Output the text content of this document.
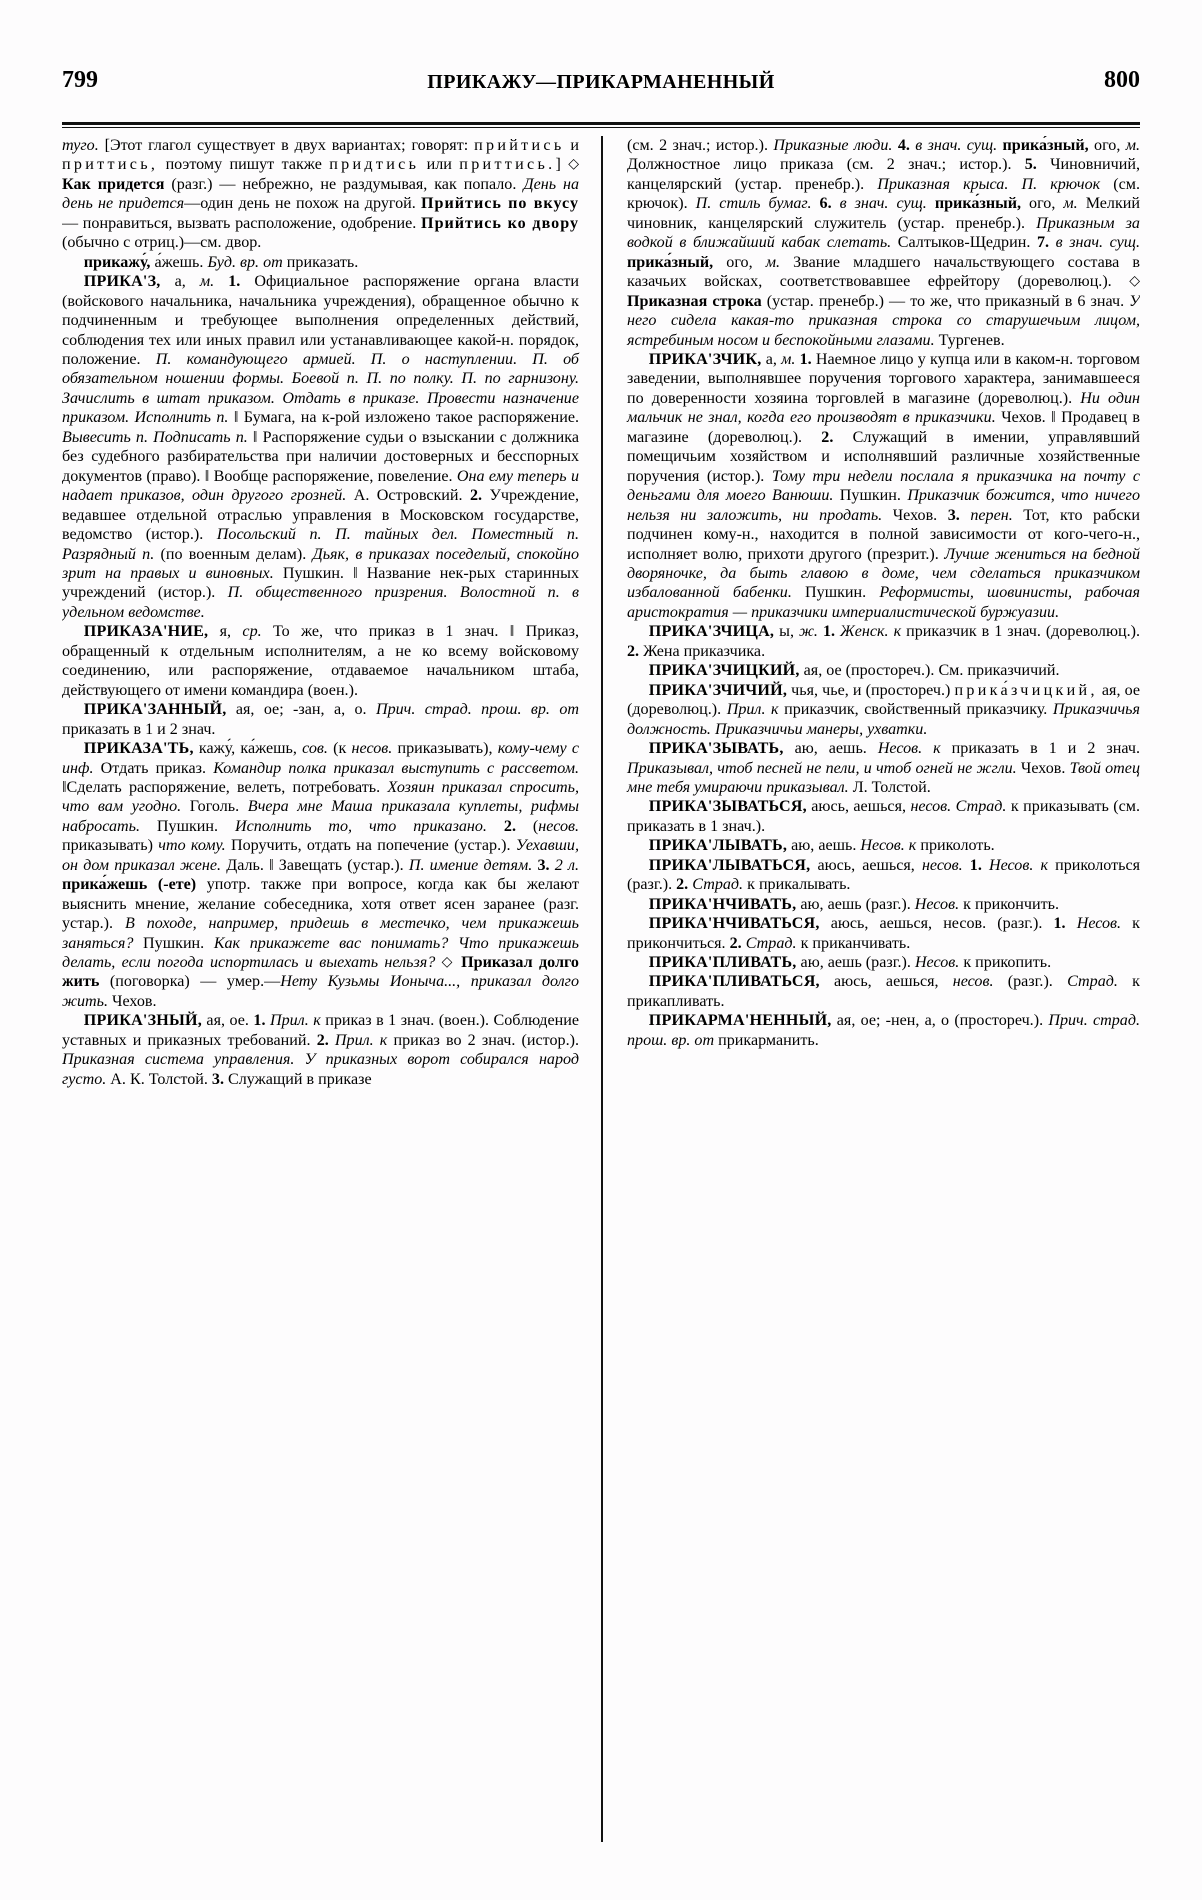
799	ПРИКАЖУ—ПРИКАРМАНЕННЫЙ	800

туго. [Этот глагол существует в двух вариантах; говорят: прийтись и приттись, поэтому пишут также придтись или приттись.] ◇ Как придется (разг.) — небрежно, не раздумывая, как попало. День на день не придется—один день не похож на другой. Прийтись по вкусу — понравиться, вызвать расположение, одобрение. Прийтись ко двору (обычно с отриц.)—см. двор.

прикажу́, а́жешь. Буд. вр. от приказать.

ПРИКА'З, а, м. 1. Официальное распоряжение органа власти (войскового начальника, начальника учреждения), обращенное обычно к подчиненным и требующее выполнения определенных действий, соблюдения тех или иных правил или устанавливающее какой-н. порядок, положение. П. командующего армией. П. о наступлении. П. об обязательном ношении формы. Боевой п. П. по полку. П. по гарнизону. Зачислить в штат приказом. Отдать в приказе. Провести назначение приказом. Исполнить п. ‖ Бумага, на к-рой изложено такое распоряжение. Вывесить п. Подписать п. ‖ Распоряжение судьи о взыскании с должника без судебного разбирательства при наличии достоверных и бесспорных документов (право). ‖ Вообще распоряжение, повеление. Она ему теперь и надает приказов, один другого грозней. А. Островский. 2. Учреждение, ведавшее отдельной отраслью управления в Московском государстве, ведомство (истор.). Посольский п. П. тайных дел. Поместный п. Разрядный п. (по военным делам). Дьяк, в приказах поседелый, спокойно зрит на правых и виновных. Пушкин. ‖ Название нек-рых старинных учреждений (истор.). П. общественного призрения. Волостной п. в удельном ведомстве.

ПРИКАЗА'НИЕ, я, ср. То же, что приказ в 1 знач. ‖ Приказ, обращенный к отдельным исполнителям, а не ко всему войсковому соединению, или распоряжение, отдаваемое начальником штаба, действующего от имени командира (воен.).

ПРИКА'ЗАННЫЙ, ая, ое; -зан, а, о. Прич. страд. прош. вр. от приказать в 1 и 2 знач.

ПРИКАЗА'ТЬ, кажу́, ка́жешь, сов. (к несов. приказывать), кому-чему с инф. Отдать приказ. Командир полка приказал выступить с рассветом. ‖Сделать распоряжение, велеть, потребовать. Хозяин приказал спросить, что вам угодно. Гоголь. Вчера мне Маша приказала куплеты, рифмы набросать. Пушкин. Исполнить то, что приказано. 2. (несов. приказывать) что кому. Поручить, отдать на попечение (устар.). Уехавши, он дом приказал жене. Даль. ‖ Завещать (устар.). П. имение детям. 3. 2 л. прика́жешь (-ете) употр. также при вопросе, когда как бы желают выяснить мнение, желание собеседника, хотя ответ ясен заранее (разг. устар.). В походе, например, придешь в местечко, чем прикажешь заняться? Пушкин. Как прикажете вас понимать? Что прикажешь делать, если погода испортилась и выехать нельзя? ◇ Приказал долго жить (поговорка) — умер.—Нету Кузьмы Ионыча..., приказал долго жить. Чехов.

ПРИКА'ЗНЫЙ, ая, ое. 1. Прил. к приказ в 1 знач. (воен.). Соблюдение уставных и приказных требований. 2. Прил. к приказ во 2 знач. (истор.). Приказная система управления. У приказных ворот собирался народ густо. А. К. Толстой. 3. Служащий в приказе

(см. 2 знач.; истор.). Приказные люди. 4. в знач. сущ. прика́зный, ого, м. Должностное лицо приказа (см. 2 знач.; истор.). 5. Чиновничий, канцелярский (устар. пренебр.). Приказная крыса. П. крючок (см. крючок). П. стиль бумаг. 6. в знач. сущ. прика́зный, ого, м. Мелкий чиновник, канцелярский служитель (устар. пренебр.). Приказным за водкой в ближайший кабак слетать. Салтыков-Щедрин. 7. в знач. сущ. прика́зный, ого, м. Звание младшего начальствующего состава в казачьих войсках, соответствовавшее ефрейтору (дореволюц.). ◇ Приказная строка (устар. пренебр.) — то же, что приказный в 6 знач. У него сидела какая-то приказная строка со старушечьим лицом, ястребиным носом и беспокойными глазами. Тургенев.

ПРИКА'ЗЧИК, а, м. 1. Наемное лицо у купца или в каком-н. торговом заведении, выполнявшее поручения торгового характера, занимавшееся по доверенности хозяина торговлей в магазине (дореволюц.). Ни один мальчик не знал, когда его производят в приказчики. Чехов. ‖ Продавец в магазине (дореволюц.). 2. Служащий в имении, управлявший помещичьим хозяйством и исполнявший различные хозяйственные поручения (истор.). Тому три недели послала я приказчика на почту с деньгами для моего Ванюши. Пушкин. Приказчик божится, что ничего нельзя ни заложить, ни продать. Чехов. 3. перен. Тот, кто рабски подчинен кому-н., находится в полной зависимости от кого-чего-н., исполняет волю, прихоти другого (презрит.). Лучше жениться на бедной дворяночке, да быть главою в доме, чем сделаться приказчиком избалованной бабенки. Пушкин. Реформисты, шовинисты, рабочая аристократия — приказчики империалистической буржуазии.

ПРИКА'ЗЧИЦА, ы, ж. 1. Женск. к приказчик в 1 знач. (дореволюц.). 2. Жена приказчика.

ПРИКА'ЗЧИЦКИЙ, ая, ое (простореч.). См. приказчичий.

ПРИКА'ЗЧИЧИЙ, чья, чье, и (простореч.) прика́зчицкий, ая, ое (дореволюц.). Прил. к приказчик, свойственный приказчику. Приказчичья должность. Приказчичьи манеры, ухватки.

ПРИКА'ЗЫВАТЬ, аю, аешь. Несов. к приказать в 1 и 2 знач. Приказывал, чтоб песней не пели, и чтоб огней не жгли. Чехов. Твой отец мне тебя умираючи приказывал. Л. Толстой.

ПРИКА'ЗЫВАТЬСЯ, аюсь, аешься, несов. Страд. к приказывать (см. приказать в 1 знач.).

ПРИКА'ЛЫВАТЬ, аю, аешь. Несов. к приколоть.

ПРИКА'ЛЫВАТЬСЯ, аюсь, аешься, несов. 1. Несов. к приколоться (разг.). 2. Страд. к прикалывать.

ПРИКА'НЧИВАТЬ, аю, аешь (разг.). Несов. к прикончить.

ПРИКА'НЧИВАТЬСЯ, аюсь, аешься, несов. (разг.). 1. Несов. к прикончиться. 2. Страд. к приканчивать.

ПРИКА'ПЛИВАТЬ, аю, аешь (разг.). Несов. к прикопить.

ПРИКА'ПЛИВАТЬСЯ, аюсь, аешься, несов. (разг.). Страд. к прикапливать.

ПРИКАРМА'НЕННЫЙ, ая, ое; -нен, а, о (простореч.). Прич. страд. прош. вр. от прикарманить.
